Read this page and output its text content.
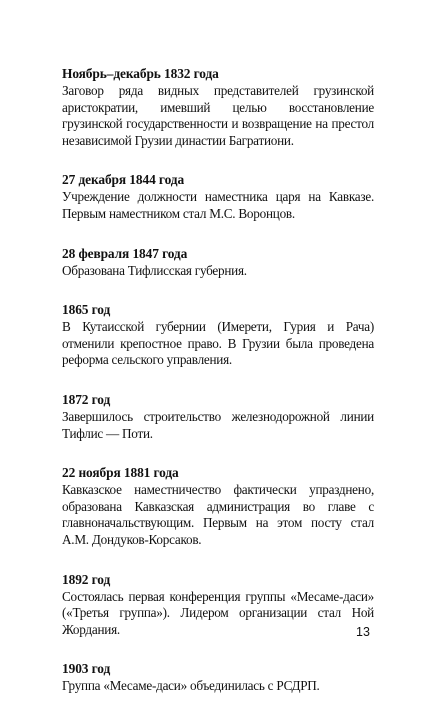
Ноябрь–декабрь 1832 года
Заговор ряда видных представителей грузинской аристократии, имевший целью восстановление грузинской государственности и возвращение на престол независимой Грузии династии Багратиони.
27 декабря 1844 года
Учреждение должности наместника царя на Кавказе. Первым наместником стал М.С. Воронцов.
28 февраля 1847 года
Образована Тифлисская губерния.
1865 год
В Кутаисской губернии (Имерети, Гурия и Рача) отменили крепостное право. В Грузии была проведена реформа сельского управления.
1872 год
Завершилось строительство железнодорожной линии Тифлис — Поти.
22 ноября 1881 года
Кавказское наместничество фактически упразднено, образована Кавказская администрация во главе с главноначальствующим. Первым на этом посту стал А.М. Дондуков-Корсаков.
1892 год
Состоялась первая конференция группы «Месаме-даси» («Третья группа»). Лидером организации стал Ной Жордания.
1903 год
Группа «Месаме-даси» объединилась с РСДРП.
13
